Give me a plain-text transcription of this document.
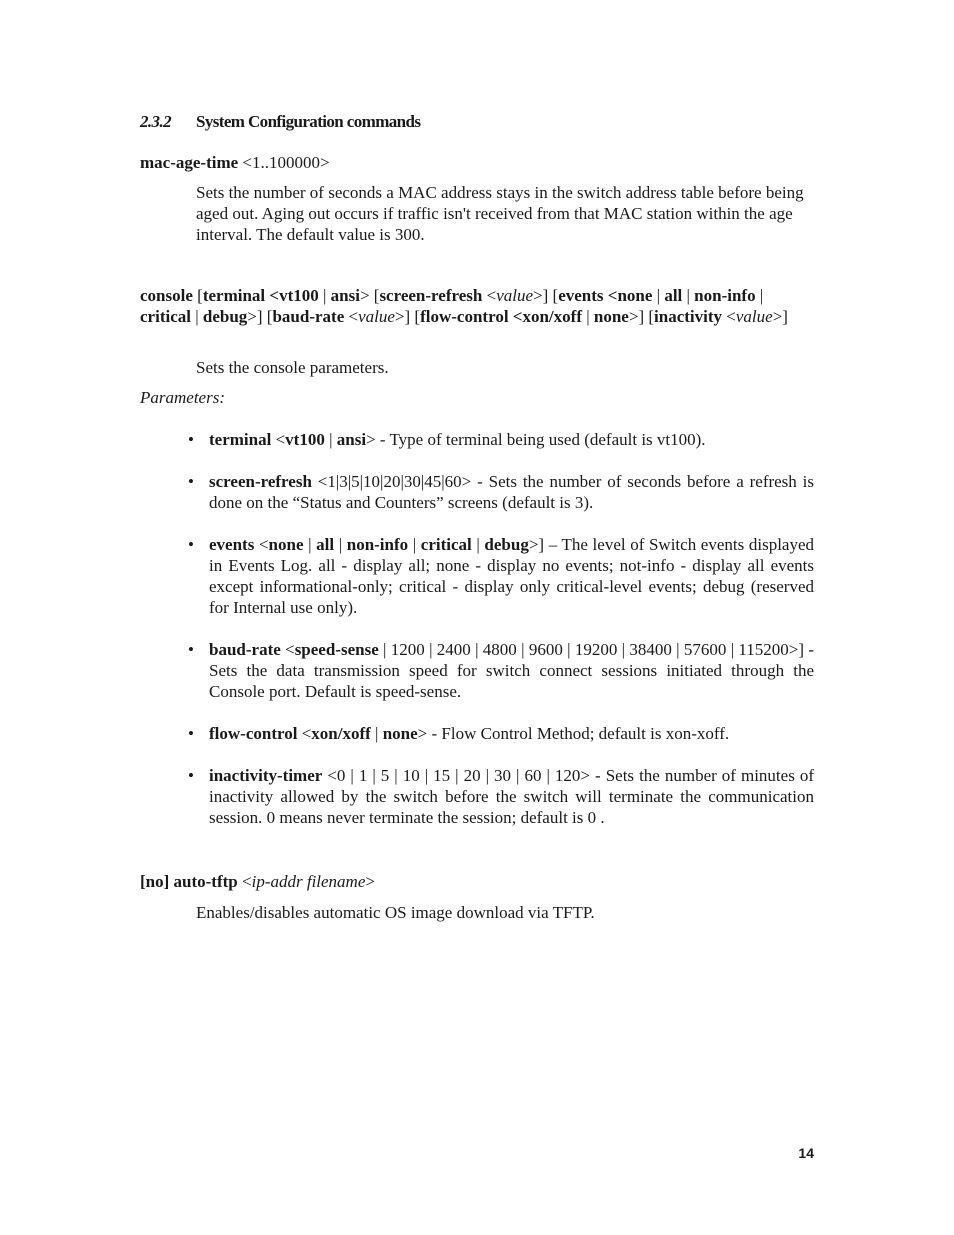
2.3.2 System Configuration commands
mac-age-time <1..100000>
Sets the number of seconds a MAC address stays in the switch address table before being aged out. Aging out occurs if traffic isn't received from that MAC station within the age interval. The default value is 300.
console [terminal <vt100 | ansi> [screen-refresh <value>] [events <none | all | non-info | critical | debug>] [baud-rate <value>] [flow-control <xon/xoff | none>] [inactivity <value>]
Sets the console parameters.
Parameters:
• terminal <vt100 | ansi> - Type of terminal being used (default is vt100).
• screen-refresh <1|3|5|10|20|30|45|60> - Sets the number of seconds before a refresh is done on the “Status and Counters” screens (default is 3).
• events <none | all | non-info | critical | debug>] – The level of Switch events displayed in Events Log. all - display all; none - display no events; not-info - display all events except informational-only; critical - display only critical-level events; debug (reserved for Internal use only).
• baud-rate <speed-sense | 1200 | 2400 | 4800 | 9600 | 19200 | 38400 | 57600 | 115200>] - Sets the data transmission speed for switch connect sessions initiated through the Console port. Default is speed-sense.
• flow-control <xon/xoff | none> - Flow Control Method; default is xon-xoff.
• inactivity-timer <0 | 1 | 5 | 10 | 15 | 20 | 30 | 60 | 120> - Sets the number of minutes of inactivity allowed by the switch before the switch will terminate the communication session. 0 means never terminate the session; default is 0 .
[no] auto-tftp <ip-addr filename>
Enables/disables automatic OS image download via TFTP.
14
